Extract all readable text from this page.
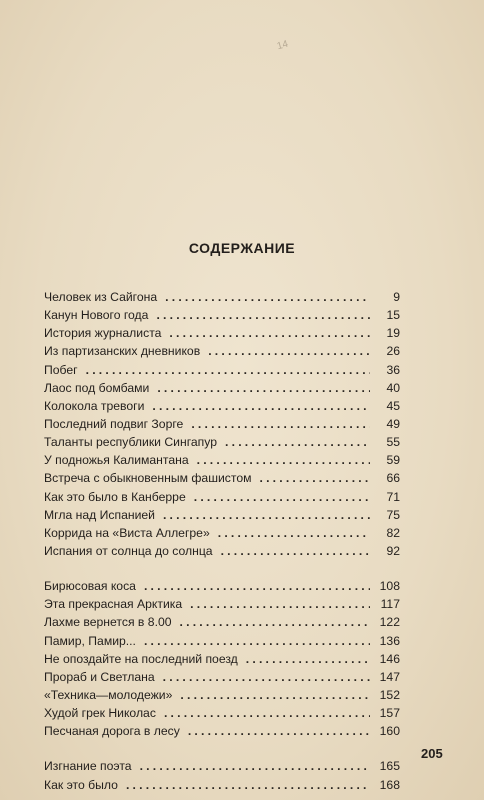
14
СОДЕРЖАНИЕ
Человек из Сайгона .....	9
Канун Нового года .....	15
История журналиста .....	19
Из партизанских дневников .....	26
Побег .....	36
Лаос под бомбами .....	40
Колокола тревоги .....	45
Последний подвиг Зорге .....	49
Таланты республики Сингапур .....	55
У подножья Калимантана .....	59
Встреча с обыкновенным фашистом .....	66
Как это было в Канберре .....	71
Мгла над Испанией .....	75
Коррида на «Виста Аллегре» .....	82
Испания от солнца до солнца .....	92
Бирюсовая коса .....	108
Эта прекрасная Арктика .....	117
Лахме вернется в 8.00 .....	122
Памир, Памир... .....	136
Не опоздайте на последний поезд .....	146
Прораб и Светлана .....	147
«Техника—молодежи» .....	152
Худой грек Николас .....	157
Песчаная дорога в лесу .....	160
Изгнание поэта .....	165
Как это было .....	168
205
